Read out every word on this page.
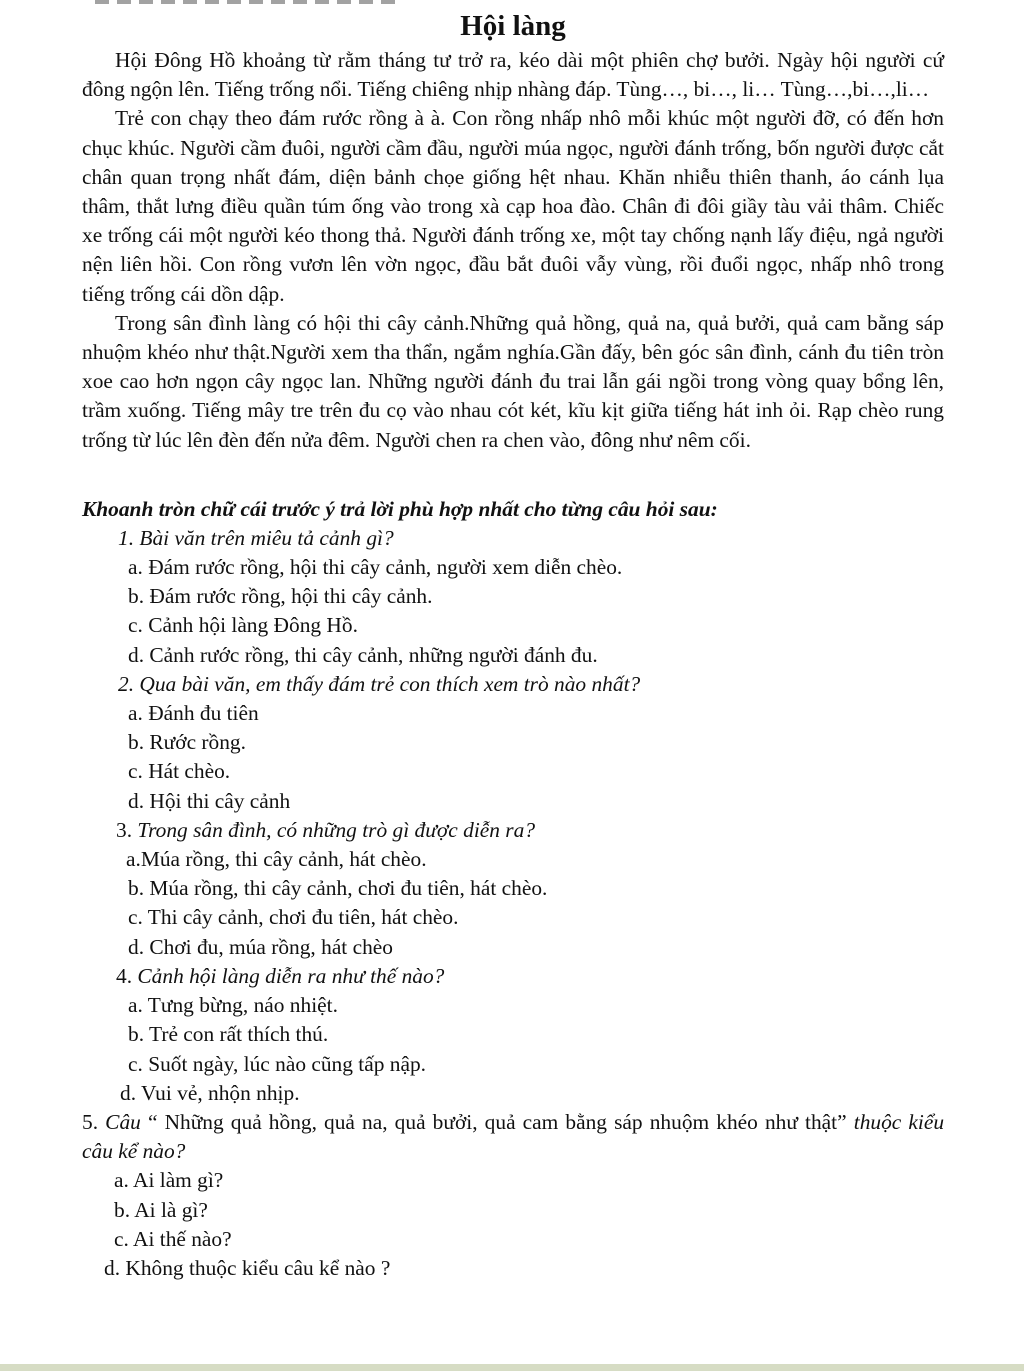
Hội làng

Hội Đông Hồ khoảng từ rằm tháng tư trở ra, kéo dài một phiên chợ bưởi. Ngày hội người cứ đông ngộn lên. Tiếng trống nổi. Tiếng chiêng nhịp nhàng đáp. Tùng…, bi…, li… Tùng…,bi…,li…

Trẻ con chạy theo đám rước rồng à à. Con rồng nhấp nhô mỗi khúc một người đỡ, có đến hơn chục khúc. Người cầm đuôi, người cầm đầu, người múa ngọc, người đánh trống, bốn người được cắt chân quan trọng nhất đám, diện bảnh chọe giống hệt nhau. Khăn nhiễu thiên thanh, áo cánh lụa thâm, thắt lưng điều quần túm ống vào trong xà cạp hoa đào. Chân đi đôi giầy tàu vải thâm. Chiếc xe trống cái một người kéo thong thả. Người đánh trống xe, một tay chống nạnh lấy điệu, ngả người nện liên hồi. Con rồng vươn lên vờn ngọc, đầu bắt đuôi vẫy vùng, rồi đuổi ngọc, nhấp nhô trong tiếng trống cái dồn dập.

Trong sân đình làng có hội thi cây cảnh.Những quả hồng, quả na, quả bưởi, quả cam bằng sáp nhuộm khéo như thật.Người xem tha thẩn, ngắm nghía.Gần đấy, bên góc sân đình, cánh đu tiên tròn xoe cao hơn ngọn cây ngọc lan. Những người đánh đu trai lẫn gái ngồi trong vòng quay bổng lên, trầm xuống. Tiếng mây tre trên đu cọ vào nhau cót két, kĩu kịt giữa tiếng hát inh ỏi. Rạp chèo rung trống từ lúc lên đèn đến nửa đêm. Người chen ra chen vào, đông như nêm cối.

Khoanh tròn chữ cái trước ý trả lời phù hợp nhất cho từng câu hỏi sau:

1. Bài văn trên miêu tả cảnh gì?

a. Đám rước rồng, hội thi cây cảnh, người xem diễn chèo.

b. Đám rước rồng, hội thi cây cảnh.

c. Cảnh hội làng Đông Hồ.

d. Cảnh rước rồng, thi cây cảnh, những người đánh đu.

2. Qua bài văn, em thấy đám trẻ con thích xem trò nào nhất?

a. Đánh đu tiên

b. Rước rồng.

c. Hát chèo.

d. Hội thi cây cảnh

3. Trong sân đình, có những trò gì được diễn ra?

a.Múa rồng, thi cây cảnh, hát chèo.

b. Múa rồng, thi cây cảnh, chơi đu tiên, hát chèo.

c. Thi cây cảnh, chơi đu tiên, hát chèo.

d. Chơi đu, múa rồng, hát chèo

4. Cảnh hội làng diễn ra như thế nào?

a. Tưng bừng, náo nhiệt.

b. Trẻ con rất thích thú.

c. Suốt ngày, lúc nào cũng tấp nập.

d. Vui vẻ, nhộn nhịp.

5. Câu “ Những quả hồng, quả na, quả bưởi, quả cam bằng sáp nhuộm khéo như thật” thuộc kiểu câu kể nào?

a. Ai làm gì?

b. Ai là gì?

c. Ai thế nào?

d. Không thuộc kiểu câu kể nào ?
